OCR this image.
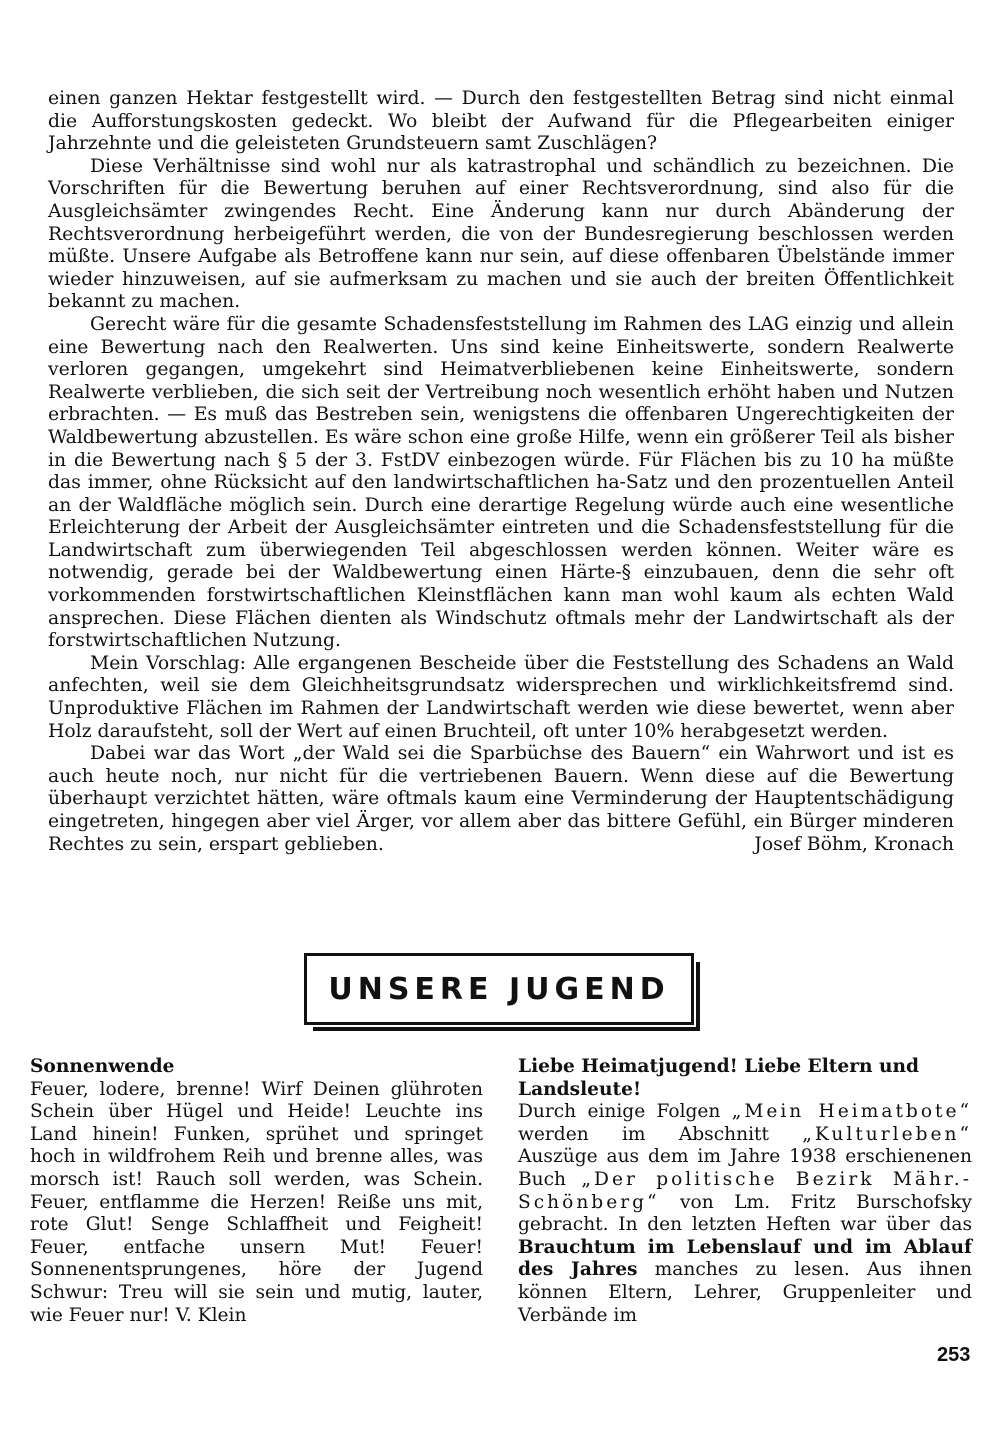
einen ganzen Hektar festgestellt wird. — Durch den festgestellten Betrag sind nicht einmal die Aufforstungskosten gedeckt. Wo bleibt der Aufwand für die Pflegearbeiten einiger Jahrzehnte und die geleisteten Grundsteuern samt Zuschlägen?

Diese Verhältnisse sind wohl nur als katrastrophal und schändlich zu bezeichnen. Die Vorschriften für die Bewertung beruhen auf einer Rechtsverordnung, sind also für die Ausgleichsämter zwingendes Recht. Eine Änderung kann nur durch Abänderung der Rechtsverordnung herbeigeführt werden, die von der Bundesregierung beschlossen werden müßte. Unsere Aufgabe als Betroffene kann nur sein, auf diese offenbaren Übelstände immer wieder hinzuweisen, auf sie aufmerksam zu machen und sie auch der breiten Öffentlichkeit bekannt zu machen.

Gerecht wäre für die gesamte Schadensfeststellung im Rahmen des LAG einzig und allein eine Bewertung nach den Realwerten. Uns sind keine Einheitswerte, sondern Realwerte verloren gegangen, umgekehrt sind Heimatverbliebenen keine Einheitswerte, sondern Realwerte verblieben, die sich seit der Vertreibung noch wesentlich erhöht haben und Nutzen erbrachten. — Es muß das Bestreben sein, wenigstens die offenbaren Ungerechtigkeiten der Waldbewertung abzustellen. Es wäre schon eine große Hilfe, wenn ein größerer Teil als bisher in die Bewertung nach § 5 der 3. FstDV einbezogen würde. Für Flächen bis zu 10 ha müßte das immer, ohne Rücksicht auf den landwirtschaftlichen ha-Satz und den prozentuellen Anteil an der Waldfläche möglich sein. Durch eine derartige Regelung würde auch eine wesentliche Erleichterung der Arbeit der Ausgleichsämter eintreten und die Schadensfeststellung für die Landwirtschaft zum überwiegenden Teil abgeschlossen werden können. Weiter wäre es notwendig, gerade bei der Waldbewertung einen Härte-§ einzubauen, denn die sehr oft vorkommenden forstwirtschaftlichen Kleinstflächen kann man wohl kaum als echten Wald ansprechen. Diese Flächen dienten als Windschutz oftmals mehr der Landwirtschaft als der forstwirtschaftlichen Nutzung.

Mein Vorschlag: Alle ergangenen Bescheide über die Feststellung des Schadens an Wald anfechten, weil sie dem Gleichheitsgrundsatz widersprechen und wirklichkeitsfremd sind. Unproduktive Flächen im Rahmen der Landwirtschaft werden wie diese bewertet, wenn aber Holz daraufsteht, soll der Wert auf einen Bruchteil, oft unter 10% herabgesetzt werden.

Dabei war das Wort „der Wald sei die Sparbüchse des Bauern“ ein Wahrwort und ist es auch heute noch, nur nicht für die vertriebenen Bauern. Wenn diese auf die Bewertung überhaupt verzichtet hätten, wäre oftmals kaum eine Verminderung der Hauptentschädigung eingetreten, hingegen aber viel Ärger, vor allem aber das bittere Gefühl, ein Bürger minderen Rechtes zu sein, erspart geblieben.	Josef Böhm, Kronach

UNSERE JUGEND
Sonnenwende

Feuer, lodere, brenne! Wirf Deinen glühroten Schein über Hügel und Heide! Leuchte ins Land hinein! Funken, sprühet und springet hoch in wildfrohem Reih und brenne alles, was morsch ist! Rauch soll werden, was Schein. Feuer, entflamme die Herzen! Reiße uns mit, rote Glut! Senge Schlaffheit und Feigheit! Feuer, entfache unsern Mut! Feuer! Sonnenentsprungenes, höre der Jugend Schwur: Treu will sie sein und mutig, lauter, wie Feuer nur! V. Klein

Liebe Heimatjugend! Liebe Eltern und Landsleute!

Durch einige Folgen „Mein Heimatbote“ werden im Abschnitt „Kulturleben“ Auszüge aus dem im Jahre 1938 erschienenen Buch „Der politische Bezirk Mähr.-Schönberg“ von Lm. Fritz Burschofsky gebracht. In den letzten Heften war über das Brauchtum im Lebenslauf und im Ablauf des Jahres manches zu lesen. Aus ihnen können Eltern, Lehrer, Gruppenleiter und Verbände im

253
